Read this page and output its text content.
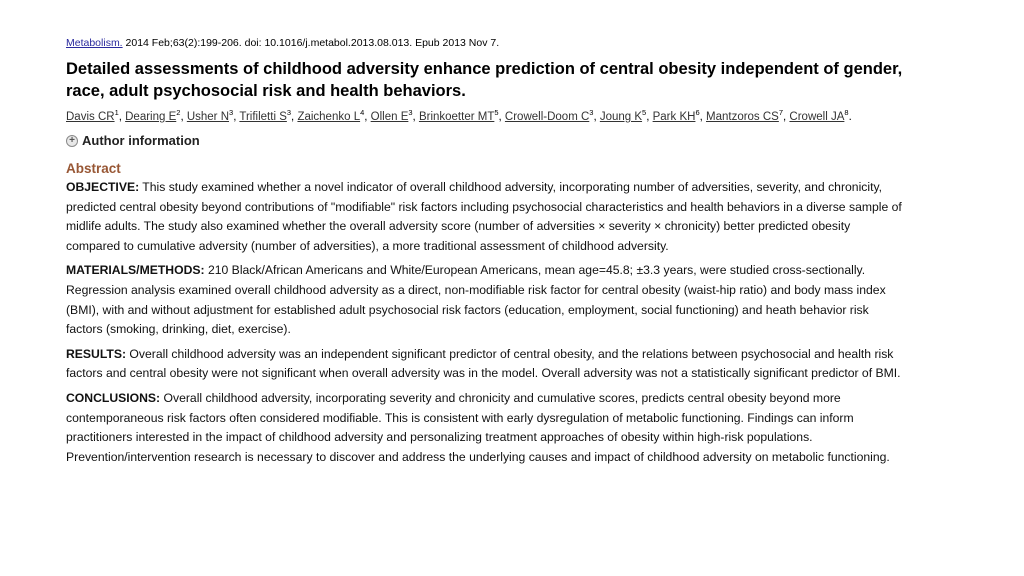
Metabolism. 2014 Feb;63(2):199-206. doi: 10.1016/j.metabol.2013.08.013. Epub 2013 Nov 7.
Detailed assessments of childhood adversity enhance prediction of central obesity independent of gender, race, adult psychosocial risk and health behaviors.
Davis $CR^1$, Dearing $E^2$, Usher $N^3$, Trifiletti $S^3$, Zaichenko $L^4$, Ollen $E^3$, Brinkoetter $MT^5$, Crowell-Doom $C^3$, Joung $K^5$, Park $KH^6$, Mantzoros $CS^7$, Crowell $JA^8$.
+ Author information
Abstract

OBJECTIVE: This study examined whether a novel indicator of overall childhood adversity, incorporating number of adversities, severity, and chronicity, predicted central obesity beyond contributions of "modifiable" risk factors including psychosocial characteristics and health behaviors in a diverse sample of midlife adults. The study also examined whether the overall adversity score (number of adversities × severity × chronicity) better predicted obesity compared to cumulative adversity (number of adversities), a more traditional assessment of childhood adversity.

MATERIALS/METHODS: 210 Black/African Americans and White/European Americans, mean age=45.8; ±3.3 years, were studied cross-sectionally. Regression analysis examined overall childhood adversity as a direct, non-modifiable risk factor for central obesity (waist-hip ratio) and body mass index (BMI), with and without adjustment for established adult psychosocial risk factors (education, employment, social functioning) and heath behavior risk factors (smoking, drinking, diet, exercise).

RESULTS: Overall childhood adversity was an independent significant predictor of central obesity, and the relations between psychosocial and health risk factors and central obesity were not significant when overall adversity was in the model. Overall adversity was not a statistically significant predictor of BMI.

CONCLUSIONS: Overall childhood adversity, incorporating severity and chronicity and cumulative scores, predicts central obesity beyond more contemporaneous risk factors often considered modifiable. This is consistent with early dysregulation of metabolic functioning. Findings can inform practitioners interested in the impact of childhood adversity and personalizing treatment approaches of obesity within high-risk populations. Prevention/intervention research is necessary to discover and address the underlying causes and impact of childhood adversity on metabolic functioning.
